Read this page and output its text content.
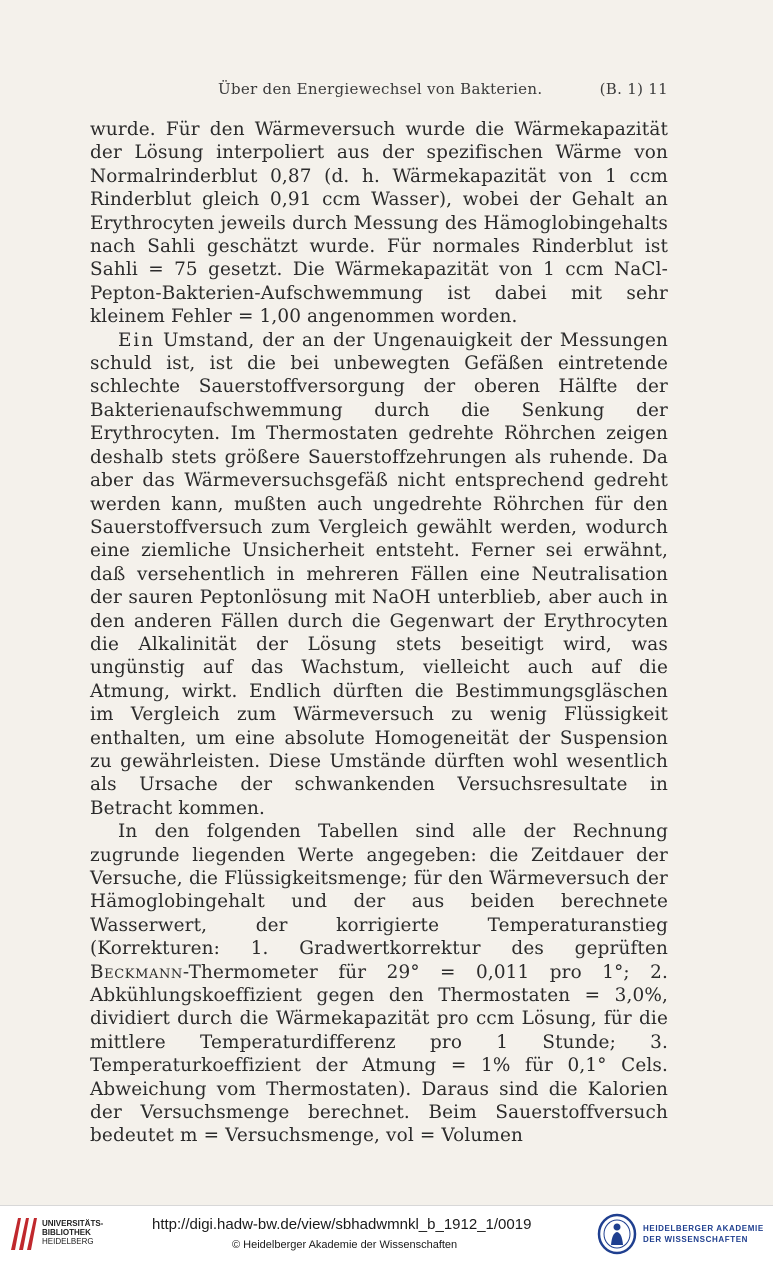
Über den Energiewechsel von Bakterien.	(B. 1) 11

wurde. Für den Wärmeversuch wurde die Wärmekapazität der Lösung interpoliert aus der spezifischen Wärme von Normalrinderblut 0,87 (d. h. Wärmekapazität von 1 ccm Rinderblut gleich 0,91 ccm Wasser), wobei der Gehalt an Erythrocyten jeweils durch Messung des Hämoglobingehalts nach Sahli geschätzt wurde. Für normales Rinderblut ist Sahli = 75 gesetzt. Die Wärmekapazität von 1 ccm NaCl-Pepton-Bakterien-Aufschwemmung ist dabei mit sehr kleinem Fehler = 1,00 angenommen worden.

Ein Umstand, der an der Ungenauigkeit der Messungen schuld ist, ist die bei unbewegten Gefäßen eintretende schlechte Sauerstoffversorgung der oberen Hälfte der Bakterienaufschwemmung durch die Senkung der Erythrocyten. Im Thermostaten gedrehte Röhrchen zeigen deshalb stets größere Sauerstoffzehrungen als ruhende. Da aber das Wärmeversuchsgefäß nicht entsprechend gedreht werden kann, mußten auch ungedrehte Röhrchen für den Sauerstoffversuch zum Vergleich gewählt werden, wodurch eine ziemliche Unsicherheit entsteht. Ferner sei erwähnt, daß versehentlich in mehreren Fällen eine Neutralisation der sauren Peptonlösung mit NaOH unterblieb, aber auch in den anderen Fällen durch die Gegenwart der Erythrocyten die Alkalinität der Lösung stets beseitigt wird, was ungünstig auf das Wachstum, vielleicht auch auf die Atmung, wirkt. Endlich dürften die Bestimmungsgläschen im Vergleich zum Wärmeversuch zu wenig Flüssigkeit enthalten, um eine absolute Homogeneität der Suspension zu gewährleisten. Diese Umstände dürften wohl wesentlich als Ursache der schwankenden Versuchsresultate in Betracht kommen.

In den folgenden Tabellen sind alle der Rechnung zugrunde liegenden Werte angegeben: die Zeitdauer der Versuche, die Flüssigkeitsmenge; für den Wärmeversuch der Hämoglobingehalt und der aus beiden berechnete Wasserwert, der korrigierte Temperaturanstieg (Korrekturen: 1. Gradwertkorrektur des geprüften Beckmann-Thermometer für 29° = 0,011 pro 1°; 2. Abkühlungskoeffizient gegen den Thermostaten = 3,0%, dividiert durch die Wärmekapazität pro ccm Lösung, für die mittlere Temperaturdifferenz pro 1 Stunde; 3. Temperaturkoeffizient der Atmung = 1% für 0,1° Cels. Abweichung vom Thermostaten). Daraus sind die Kalorien der Versuchsmenge berechnet. Beim Sauerstoffversuch bedeutet m = Versuchsmenge, vol = Volumen

UNIVERSITÄTS-
BIBLIOTHEK
HEIDELBERG
http://digi.hadw-bw.de/view/sbhadwmnkl_b_1912_1/0019
© Heidelberger Akademie der Wissenschaften
HEIDELBERGER AKADEMIE
DER WISSENSCHAFTEN
